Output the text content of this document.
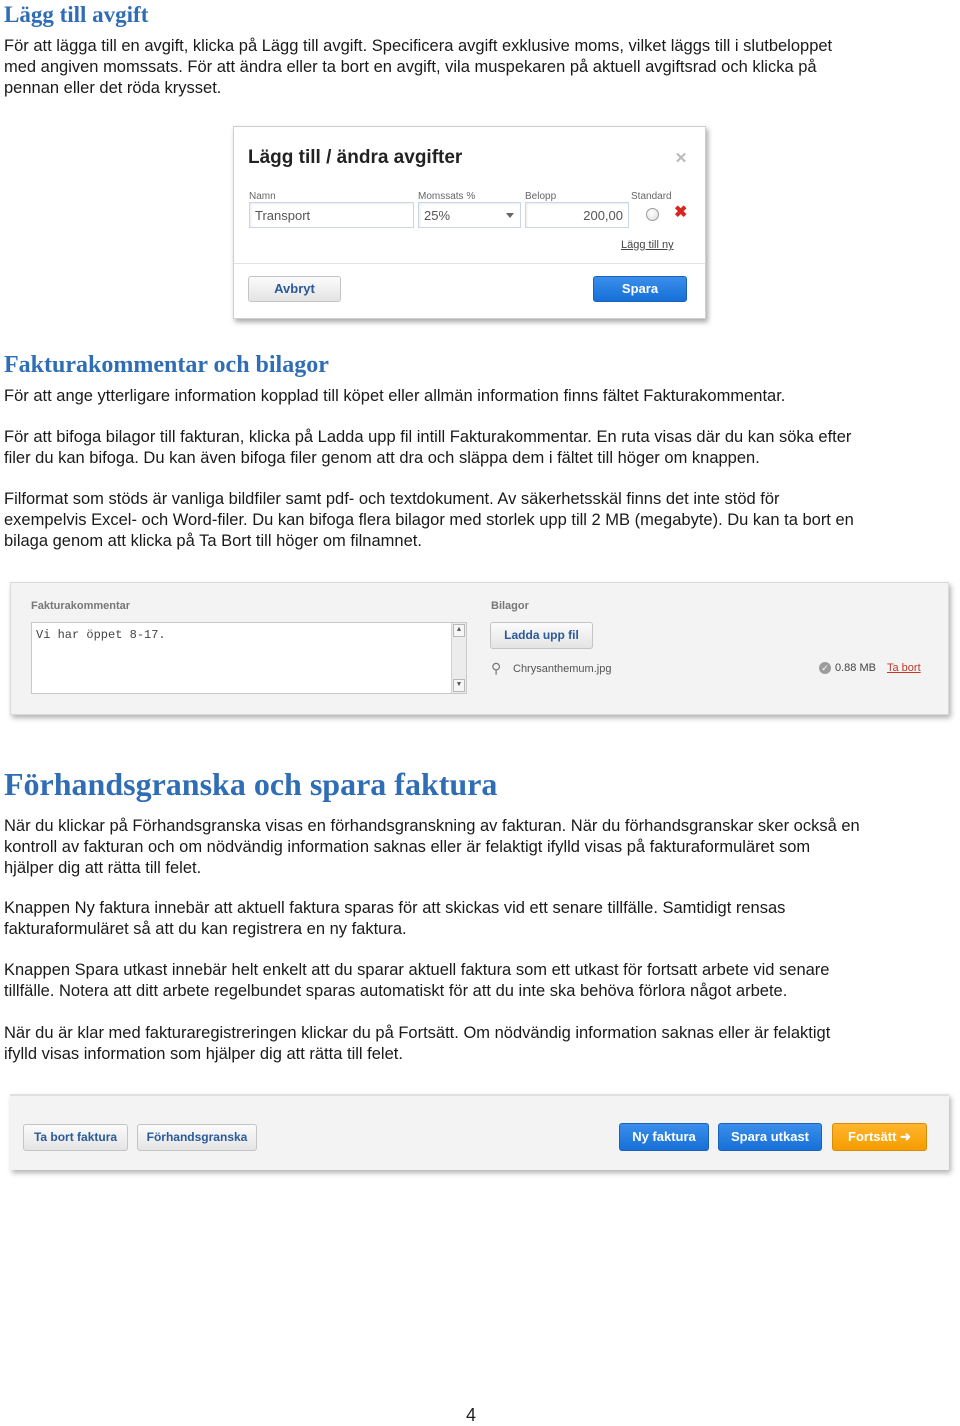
Lägg till avgift
För att lägga till en avgift, klicka på Lägg till avgift. Specificera avgift exklusive moms, vilket läggs till i slutbeloppet
med angiven momssats. För att ändra eller ta bort en avgift, vila muspekaren på aktuell avgiftsrad och klicka på
pennan eller det röda krysset.
Lägg till / ändra avgifter	✕
Namn	Momssats %	Belopp	Standard
Transport	25%	200,00	✖
Lägg till ny
Avbryt	Spara
Fakturakommentar och bilagor
För att ange ytterligare information kopplad till köpet eller allmän information finns fältet Fakturakommentar.
För att bifoga bilagor till fakturan, klicka på Ladda upp fil intill Fakturakommentar. En ruta visas där du kan söka efter
filer du kan bifoga. Du kan även bifoga filer genom att dra och släppa dem i fältet till höger om knappen.
Filformat som stöds är vanliga bildfiler samt pdf- och textdokument. Av säkerhetsskäl finns det inte stöd för
exempelvis Excel- och Word-filer. Du kan bifoga flera bilagor med storlek upp till 2 MB (megabyte). Du kan ta bort en
bilaga genom att klicka på Ta Bort till höger om filnamnet.
Fakturakommentar
Vi har öppet 8-17.	▲
▼
Bilagor
Ladda upp fil
⚲ Chrysanthemum.jpg	✓ 0.88 MB Ta bort
Förhandsgranska och spara faktura
När du klickar på Förhandsgranska visas en förhandsgranskning av fakturan. När du förhandsgranskar sker också en
kontroll av fakturan och om nödvändig information saknas eller är felaktigt ifylld visas på fakturaformuläret som
hjälper dig att rätta till felet.
Knappen Ny faktura innebär att aktuell faktura sparas för att skickas vid ett senare tillfälle. Samtidigt rensas
fakturaformuläret så att du kan registrera en ny faktura.
Knappen Spara utkast innebär helt enkelt att du sparar aktuell faktura som ett utkast för fortsatt arbete vid senare
tillfälle. Notera att ditt arbete regelbundet sparas automatiskt för att du inte ska behöva förlora något arbete.
När du är klar med fakturaregistreringen klickar du på Fortsätt. Om nödvändig information saknas eller är felaktigt
ifylld visas information som hjälper dig att rätta till felet.
Ta bort faktura	Förhandsgranska	Ny faktura	Spara utkast	Fortsätt ➜
4
